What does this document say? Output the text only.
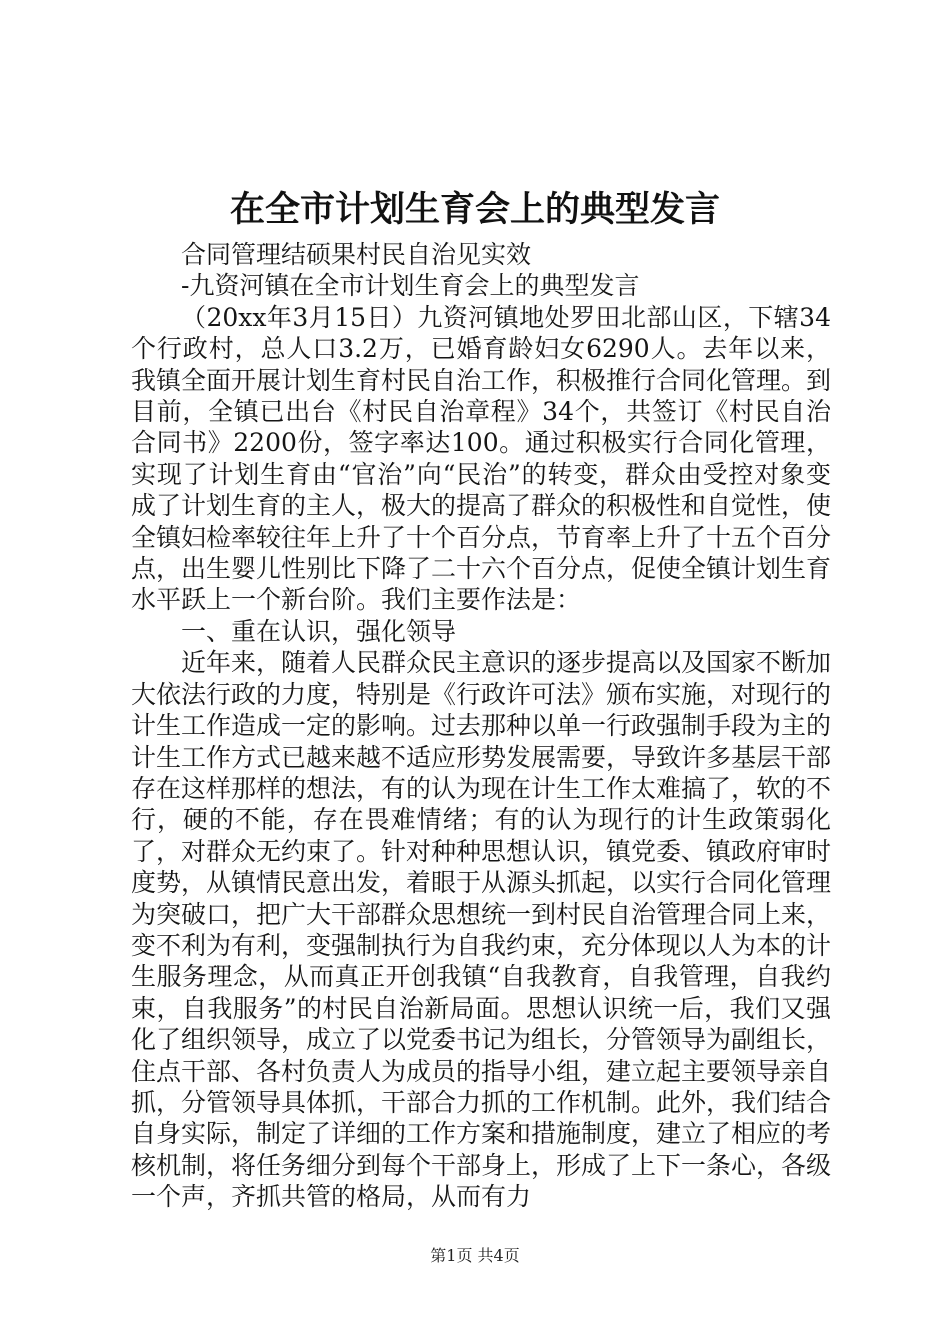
在全市计划生育会上的典型发言

合同管理结硕果村民自治见实效

-九资河镇在全市计划生育会上的典型发言

（20xx年3月15日）九资河镇地处罗田北部山区，下辖34个行政村，总人口3.2万，已婚育龄妇女6290人。去年以来，我镇全面开展计划生育村民自治工作，积极推行合同化管理。到目前，全镇已出台《村民自治章程》34个，共签订《村民自治合同书》2200份，签字率达100。通过积极实行合同化管理，实现了计划生育由“官治”向“民治”的转变，群众由受控对象变成了计划生育的主人，极大的提高了群众的积极性和自觉性，使全镇妇检率较往年上升了十个百分点，节育率上升了十五个百分点，出生婴儿性别比下降了二十六个百分点，促使全镇计划生育水平跃上一个新台阶。我们主要作法是：

一、重在认识，强化领导

近年来，随着人民群众民主意识的逐步提高以及国家不断加大依法行政的力度，特别是《行政许可法》颁布实施，对现行的计生工作造成一定的影响。过去那种以单一行政强制手段为主的计生工作方式已越来越不适应形势发展需要，导致许多基层干部存在这样那样的想法，有的认为现在计生工作太难搞了，软的不行，硬的不能，存在畏难情绪；有的认为现行的计生政策弱化了，对群众无约束了。针对种种思想认识，镇党委、镇政府审时度势，从镇情民意出发，着眼于从源头抓起，以实行合同化管理为突破口，把广大干部群众思想统一到村民自治管理合同上来，变不利为有利，变强制执行为自我约束，充分体现以人为本的计生服务理念，从而真正开创我镇“自我教育，自我管理，自我约束，自我服务”的村民自治新局面。思想认识统一后，我们又强化了组织领导，成立了以党委书记为组长，分管领导为副组长，住点干部、各村负责人为成员的指导小组，建立起主要领导亲自抓，分管领导具体抓，干部合力抓的工作机制。此外，我们结合自身实际，制定了详细的工作方案和措施制度，建立了相应的考核机制，将任务细分到每个干部身上，形成了上下一条心，各级一个声，齐抓共管的格局，从而有力

第1页 共4页
